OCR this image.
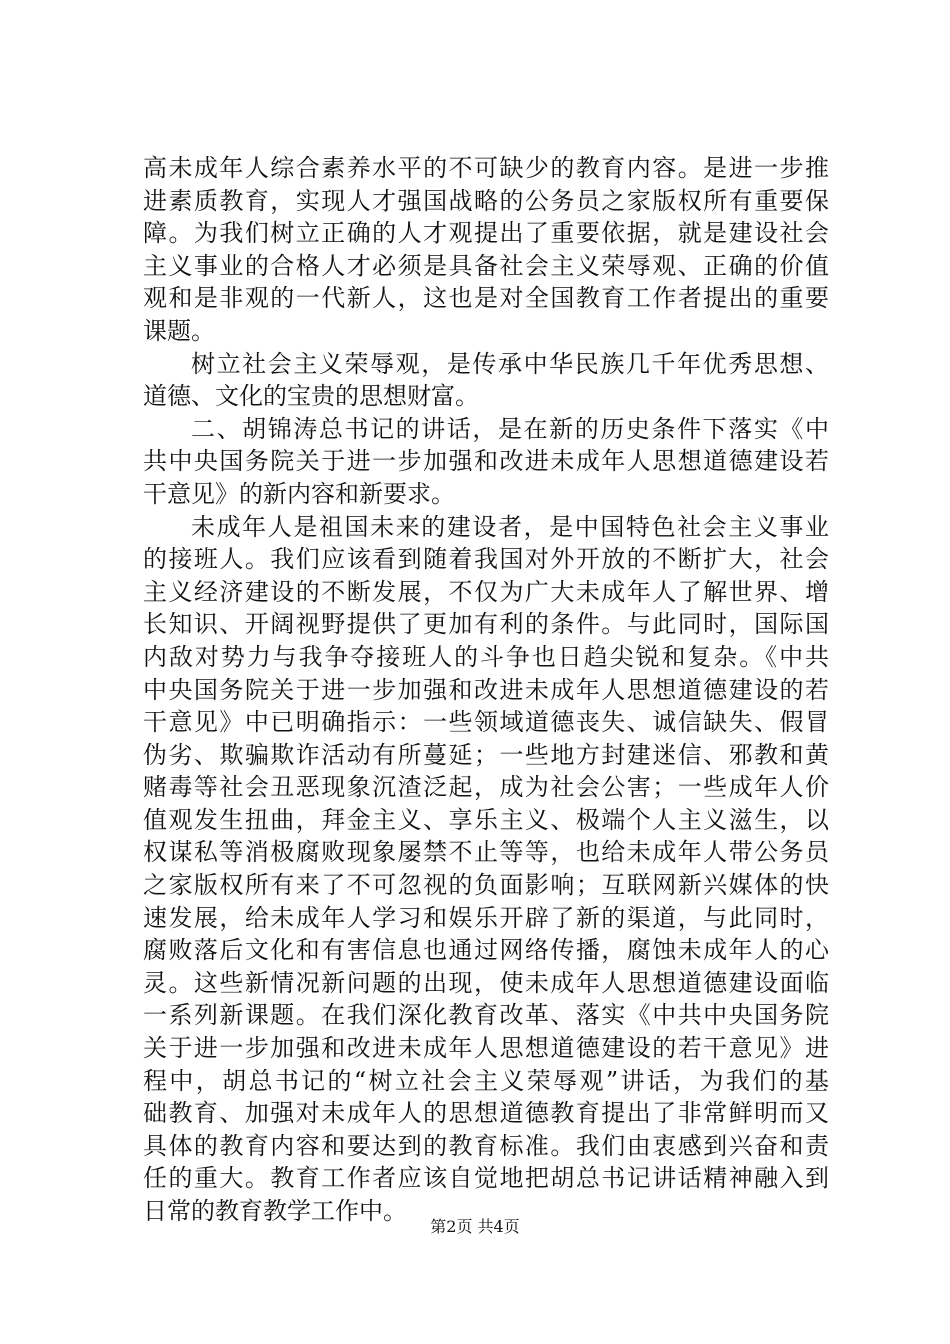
高未成年人综合素养水平的不可缺少的教育内容。是进一步推
进素质教育，实现人才强国战略的公务员之家版权所有重要保
障。为我们树立正确的人才观提出了重要依据，就是建设社会
主义事业的合格人才必须是具备社会主义荣辱观、正确的价值
观和是非观的一代新人，这也是对全国教育工作者提出的重要
课题。
树立社会主义荣辱观，是传承中华民族几千年优秀思想、
道德、文化的宝贵的思想财富。
二、胡锦涛总书记的讲话，是在新的历史条件下落实《中
共中央国务院关于进一步加强和改进未成年人思想道德建设若
干意见》的新内容和新要求。
未成年人是祖国未来的建设者，是中国特色社会主义事业
的接班人。我们应该看到随着我国对外开放的不断扩大，社会
主义经济建设的不断发展，不仅为广大未成年人了解世界、增
长知识、开阔视野提供了更加有利的条件。与此同时，国际国
内敌对势力与我争夺接班人的斗争也日趋尖锐和复杂。《中共
中央国务院关于进一步加强和改进未成年人思想道德建设的若
干意见》中已明确指示：一些领域道德丧失、诚信缺失、假冒
伪劣、欺骗欺诈活动有所蔓延；一些地方封建迷信、邪教和黄
赌毒等社会丑恶现象沉渣泛起，成为社会公害；一些成年人价
值观发生扭曲，拜金主义、享乐主义、极端个人主义滋生，以
权谋私等消极腐败现象屡禁不止等等，也给未成年人带公务员
之家版权所有来了不可忽视的负面影响；互联网新兴媒体的快
速发展，给未成年人学习和娱乐开辟了新的渠道，与此同时，
腐败落后文化和有害信息也通过网络传播，腐蚀未成年人的心
灵。这些新情况新问题的出现，使未成年人思想道德建设面临
一系列新课题。在我们深化教育改革、落实《中共中央国务院
关于进一步加强和改进未成年人思想道德建设的若干意见》进
程中，胡总书记的“树立社会主义荣辱观”讲话，为我们的基
础教育、加强对未成年人的思想道德教育提出了非常鲜明而又
具体的教育内容和要达到的教育标准。我们由衷感到兴奋和责
任的重大。教育工作者应该自觉地把胡总书记讲话精神融入到
日常的教育教学工作中。
第2页 共4页
